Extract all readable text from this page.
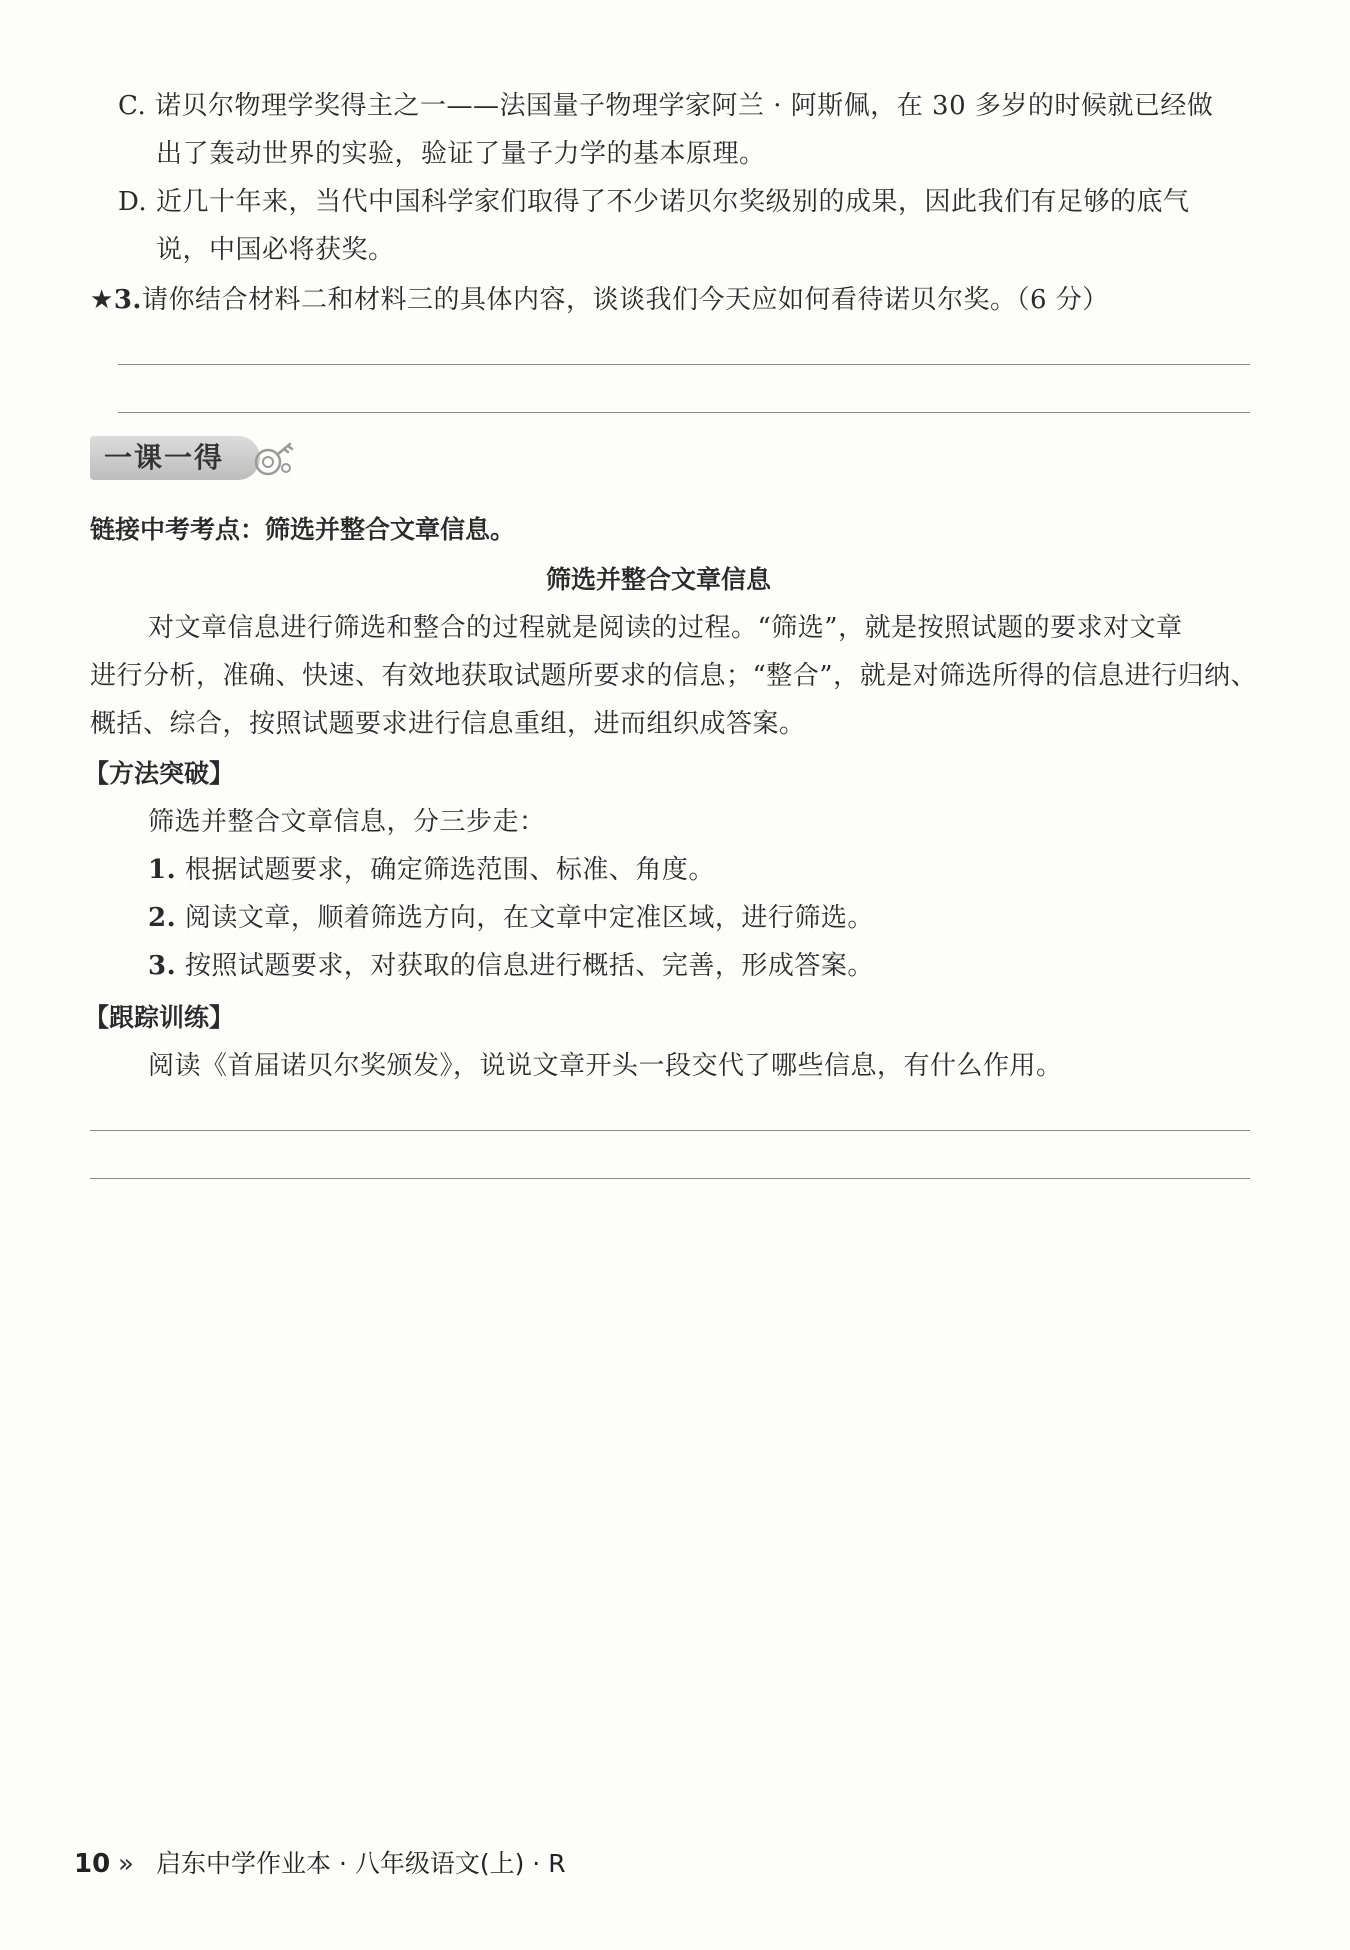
C. 诺贝尔物理学奖得主之一——法国量子物理学家阿兰 · 阿斯佩，在 30 多岁的时候就已经做
出了轰动世界的实验，验证了量子力学的基本原理。
D. 近几十年来，当代中国科学家们取得了不少诺贝尔奖级别的成果，因此我们有足够的底气
说，中国必将获奖。
★3.请你结合材料二和材料三的具体内容，谈谈我们今天应如何看待诺贝尔奖。（6 分）
一课一得
链接中考考点：筛选并整合文章信息。
筛选并整合文章信息
对文章信息进行筛选和整合的过程就是阅读的过程。“筛选”，就是按照试题的要求对文章
进行分析，准确、快速、有效地获取试题所要求的信息；“整合”，就是对筛选所得的信息进行归纳、
概括、综合，按照试题要求进行信息重组，进而组织成答案。
【方法突破】
筛选并整合文章信息，分三步走：
1. 根据试题要求，确定筛选范围、标准、角度。
2. 阅读文章，顺着筛选方向，在文章中定准区域，进行筛选。
3. 按照试题要求，对获取的信息进行概括、完善，形成答案。
【跟踪训练】
阅读《首届诺贝尔奖颁发》，说说文章开头一段交代了哪些信息，有什么作用。
10 » 启东中学作业本 · 八年级语文(上) · R
